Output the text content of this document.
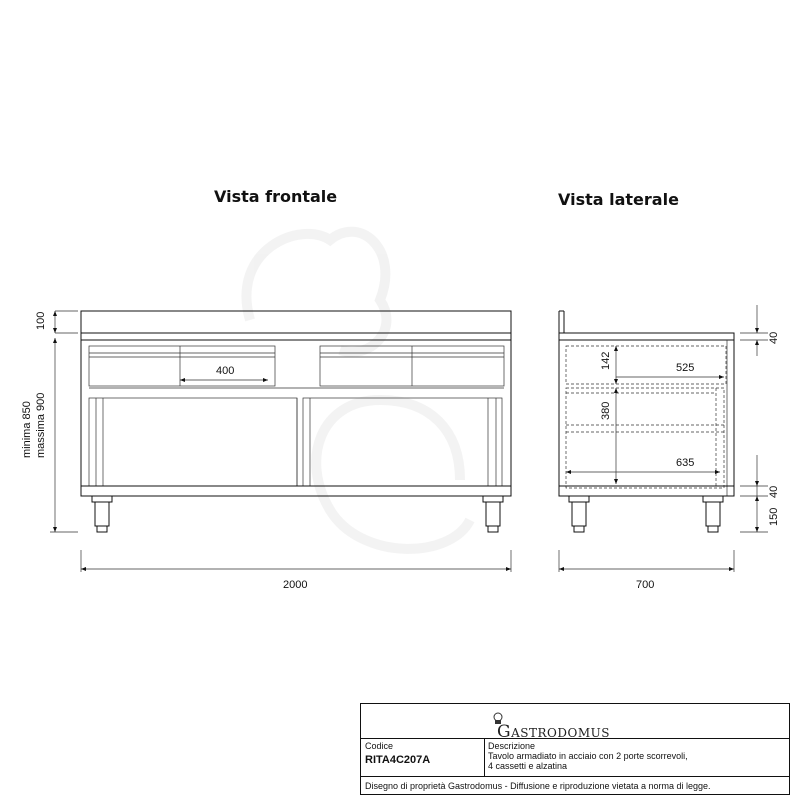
Vista frontale	Vista laterale
100
minima 850 massima 900
400
2000
142	525
380
635
40
40
150
700
GASTRODOMUS
Codice
RITA4C207A
Descrizione
Tavolo armadiato in acciaio con 2 porte scorrevoli,
4 cassetti e alzatina
Disegno di proprietà Gastrodomus - Diffusione e riproduzione vietata a norma di legge.
